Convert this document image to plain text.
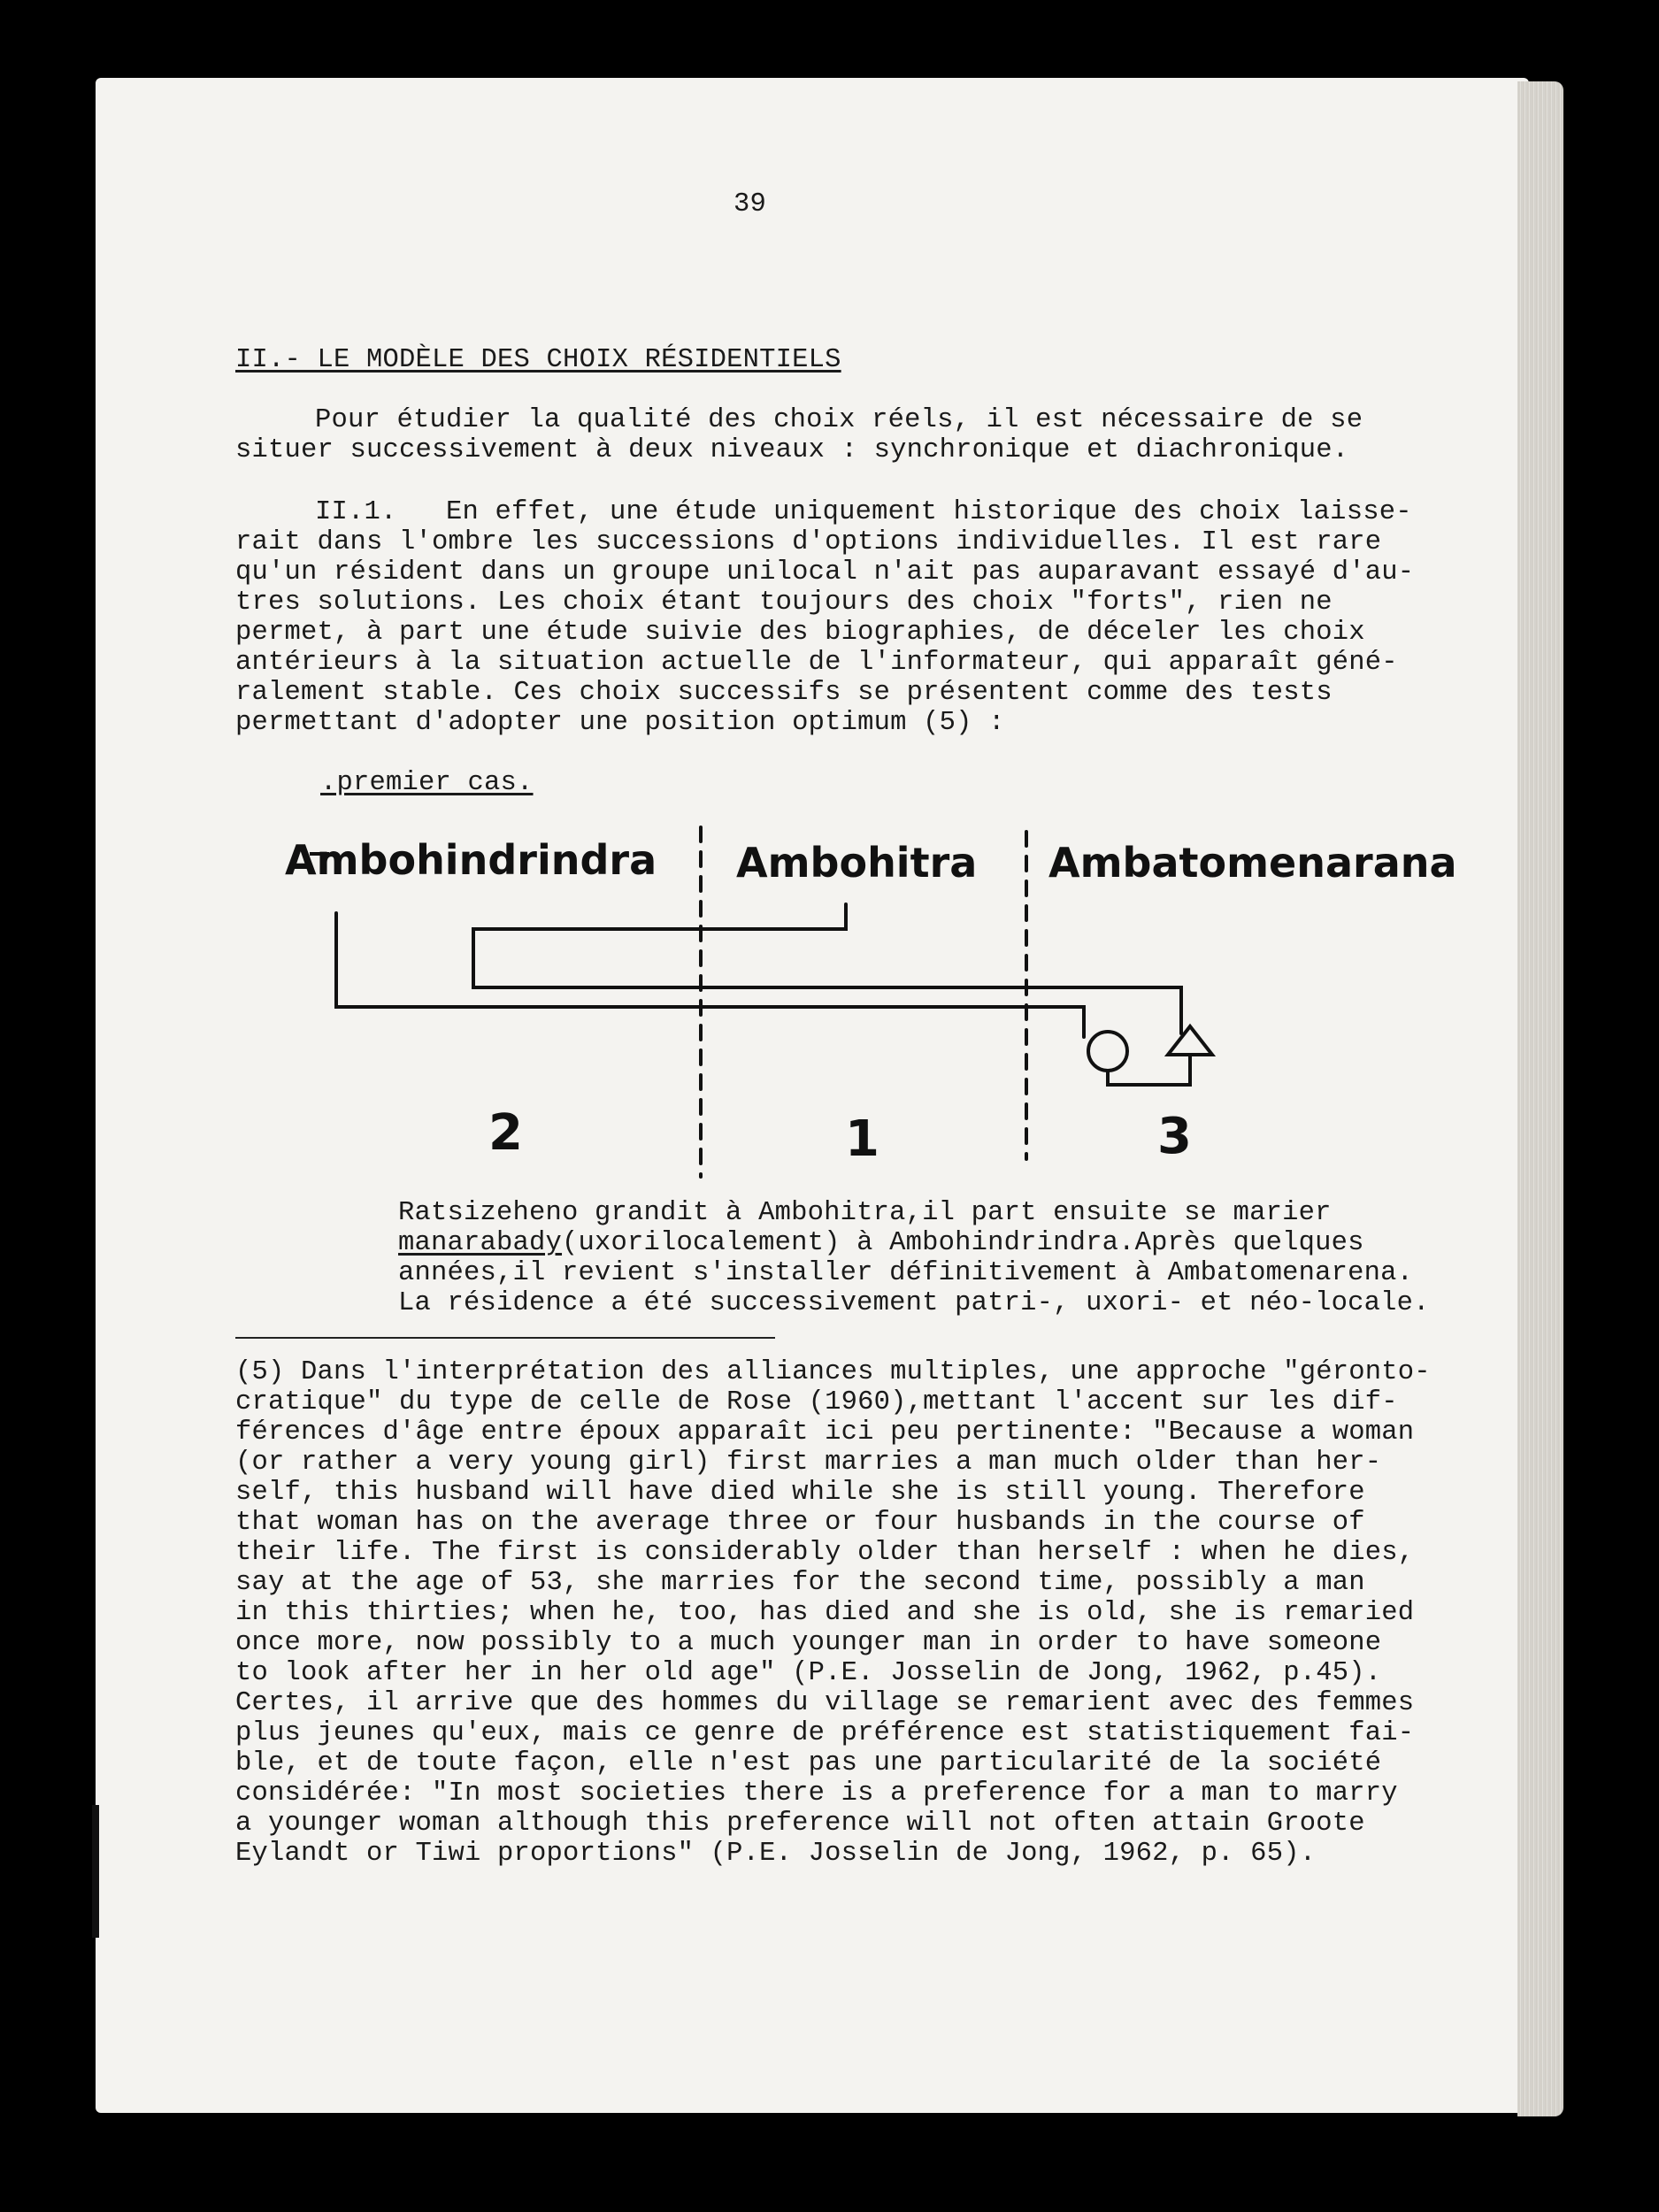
39
II.- LE MODÈLE DES CHOIX RÉSIDENTIELS
Pour étudier la qualité des choix réels, il est nécessaire de se
situer successivement à deux niveaux : synchronique et diachronique.
II.1.   En effet, une étude uniquement historique des choix laisse-
rait dans l'ombre les successions d'options individuelles. Il est rare
qu'un résident dans un groupe unilocal n'ait pas auparavant essayé d'au-
tres solutions. Les choix étant toujours des choix "forts", rien ne
permet, à part une étude suivie des biographies, de déceler les choix
antérieurs à la situation actuelle de l'informateur, qui apparaît géné-
ralement stable. Ces choix successifs se présentent comme des tests
permettant d'adopter une position optimum (5) :
.premier cas.
Ambohindrindra Ambohitra Ambatomenarana
2	1	3
Ratsizeheno grandit à Ambohitra,il part ensuite se marier
manarabady(uxorilocalement) à Ambohindrindra.Après quelques
années,il revient s'installer définitivement à Ambatomenarena.
La résidence a été successivement patri-, uxori- et néo-locale.
(5) Dans l'interprétation des alliances multiples, une approche "géronto-
cratique" du type de celle de Rose (1960),mettant l'accent sur les dif-
férences d'âge entre époux apparaît ici peu pertinente: "Because a woman
(or rather a very young girl) first marries a man much older than her-
self, this husband will have died while she is still young. Therefore
that woman has on the average three or four husbands in the course of
their life. The first is considerably older than herself : when he dies,
say at the age of 53, she marries for the second time, possibly a man
in this thirties; when he, too, has died and she is old, she is remaried
once more, now possibly to a much younger man in order to have someone
to look after her in her old age" (P.E. Josselin de Jong, 1962, p.45).
Certes, il arrive que des hommes du village se remarient avec des femmes
plus jeunes qu'eux, mais ce genre de préférence est statistiquement fai-
ble, et de toute façon, elle n'est pas une particularité de la société
considérée: "In most societies there is a preference for a man to marry
a younger woman although this preference will not often attain Groote
Eylandt or Tiwi proportions" (P.E. Josselin de Jong, 1962, p. 65).
